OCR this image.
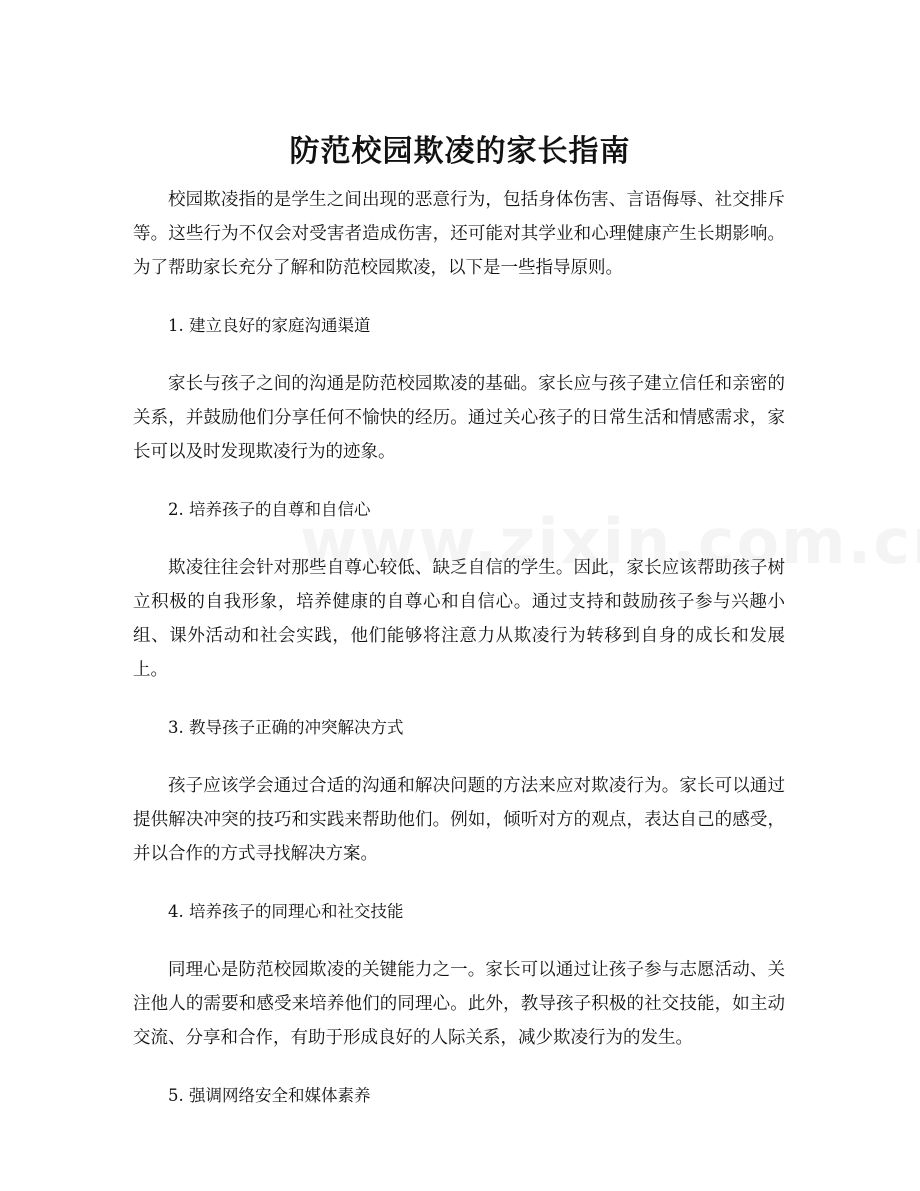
防范校园欺凌的家长指南

校园欺凌指的是学生之间出现的恶意行为，包括身体伤害、言语侮辱、社交排斥等。这些行为不仅会对受害者造成伤害，还可能对其学业和心理健康产生长期影响。为了帮助家长充分了解和防范校园欺凌，以下是一些指导原则。

1. 建立良好的家庭沟通渠道

家长与孩子之间的沟通是防范校园欺凌的基础。家长应与孩子建立信任和亲密的关系，并鼓励他们分享任何不愉快的经历。通过关心孩子的日常生活和情感需求，家长可以及时发现欺凌行为的迹象。

2. 培养孩子的自尊和自信心

欺凌往往会针对那些自尊心较低、缺乏自信的学生。因此，家长应该帮助孩子树立积极的自我形象，培养健康的自尊心和自信心。通过支持和鼓励孩子参与兴趣小组、课外活动和社会实践，他们能够将注意力从欺凌行为转移到自身的成长和发展上。

3. 教导孩子正确的冲突解决方式

孩子应该学会通过合适的沟通和解决问题的方法来应对欺凌行为。家长可以通过提供解决冲突的技巧和实践来帮助他们。例如，倾听对方的观点，表达自己的感受，并以合作的方式寻找解决方案。

4. 培养孩子的同理心和社交技能

同理心是防范校园欺凌的关键能力之一。家长可以通过让孩子参与志愿活动、关注他人的需要和感受来培养他们的同理心。此外，教导孩子积极的社交技能，如主动交流、分享和合作，有助于形成良好的人际关系，减少欺凌行为的发生。

5. 强调网络安全和媒体素养
